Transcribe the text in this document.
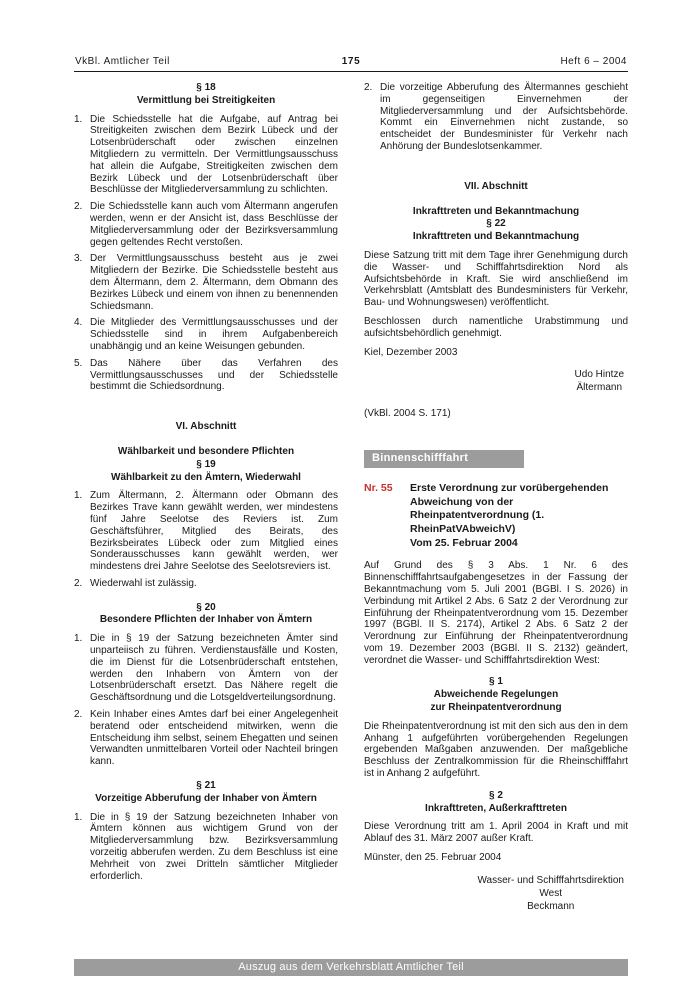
VkBl. Amtlicher Teil	175	Heft 6 – 2004
§ 18
Vermittlung bei Streitigkeiten
1. Die Schiedsstelle hat die Aufgabe, auf Antrag bei Streitigkeiten zwischen dem Bezirk Lübeck und der Lotsenbrüderschaft oder zwischen einzelnen Mitgliedern zu vermitteln. Der Vermittlungsausschuss hat allein die Aufgabe, Streitigkeiten zwischen dem Bezirk Lübeck und der Lotsenbrüderschaft über Beschlüsse der Mitgliederversammlung zu schlichten.
2. Die Schiedsstelle kann auch vom Ältermann angerufen werden, wenn er der Ansicht ist, dass Beschlüsse der Mitgliederversammlung oder der Bezirksversammlung gegen geltendes Recht verstoßen.
3. Der Vermittlungsausschuss besteht aus je zwei Mitgliedern der Bezirke. Die Schiedsstelle besteht aus dem Ältermann, dem 2. Ältermann, dem Obmann des Bezirkes Lübeck und einem von ihnen zu benennenden Schiedsmann.
4. Die Mitglieder des Vermittlungsausschusses und der Schiedsstelle sind in ihrem Aufgabenbereich unabhängig und an keine Weisungen gebunden.
5. Das Nähere über das Verfahren des Vermittlungsausschusses und der Schiedsstelle bestimmt die Schiedsordnung.
VI. Abschnitt
Wählbarkeit und besondere Pflichten
§ 19
Wählbarkeit zu den Ämtern, Wiederwahl
1. Zum Ältermann, 2. Ältermann oder Obmann des Bezirkes Trave kann gewählt werden, wer mindestens fünf Jahre Seelotse des Reviers ist. Zum Geschäftsführer, Mitglied des Beirats, des Bezirksbeirates Lübeck oder zum Mitglied eines Sonderausschusses kann gewählt werden, wer mindestens drei Jahre Seelotse des Seelotsreviers ist.
2. Wiederwahl ist zulässig.
§ 20
Besondere Pflichten der Inhaber von Ämtern
1. Die in § 19 der Satzung bezeichneten Ämter sind unparteiisch zu führen. Verdienstausfälle und Kosten, die im Dienst für die Lotsenbrüderschaft entstehen, werden den Inhabern von Ämtern von der Lotsenbrüderschaft ersetzt. Das Nähere regelt die Geschäftsordnung und die Lotsgeldverteilungsordnung.
2. Kein Inhaber eines Amtes darf bei einer Angelegenheit beratend oder entscheidend mitwirken, wenn die Entscheidung ihm selbst, seinem Ehegatten und seinen Verwandten unmittelbaren Vorteil oder Nachteil bringen kann.
§ 21
Vorzeitige Abberufung der Inhaber von Ämtern
1. Die in § 19 der Satzung bezeichneten Inhaber von Ämtern können aus wichtigem Grund von der Mitgliederversammlung bzw. Bezirksversammlung vorzeitig abberufen werden. Zu dem Beschluss ist eine Mehrheit von zwei Dritteln sämtlicher Mitglieder erforderlich.
2. Die vorzeitige Abberufung des Ältermannes geschieht im gegenseitigen Einvernehmen der Mitgliederversammlung und der Aufsichtsbehörde. Kommt ein Einvernehmen nicht zustande, so entscheidet der Bundesminister für Verkehr nach Anhörung der Bundeslotsenkammer.
VII. Abschnitt
Inkrafttreten und Bekanntmachung
§ 22
Inkrafttreten und Bekanntmachung

Diese Satzung tritt mit dem Tage ihrer Genehmigung durch die Wasser- und Schifffahrtsdirektion Nord als Aufsichtsbehörde in Kraft. Sie wird anschließend im Verkehrsblatt (Amtsblatt des Bundesministers für Verkehr, Bau- und Wohnungswesen) veröffentlicht.

Beschlossen durch namentliche Urabstimmung und aufsichtsbehördlich genehmigt.

Kiel, Dezember 2003
Udo Hintze
Ältermann
(VkBl. 2004 S. 171)
Binnenschifffahrt
Nr. 55	Erste Verordnung zur vorübergehenden Abweichung von der Rheinpatentverordnung (1. RheinPatVAbweichV)
Vom 25. Februar 2004

Auf Grund des § 3 Abs. 1 Nr. 6 des Binnenschifffahrtsaufgabengesetzes in der Fassung der Bekanntmachung vom 5. Juli 2001 (BGBl. I S. 2026) in Verbindung mit Artikel 2 Abs. 6 Satz 2 der Verordnung zur Einführung der Rheinpatentverordnung vom 15. Dezember 1997 (BGBl. II S. 2174), Artikel 2 Abs. 6 Satz 2 der Verordnung zur Einführung der Rheinpatentverordnung vom 19. Dezember 2003 (BGBl. II S. 2132) geändert, verordnet die Wasser- und Schifffahrtsdirektion West:

§ 1
Abweichende Regelungen
zur Rheinpatentverordnung

Die Rheinpatentverordnung ist mit den sich aus den in dem Anhang 1 aufgeführten vorübergehenden Regelungen ergebenden Maßgaben anzuwenden. Der maßgebliche Beschluss der Zentralkommission für die Rheinschifffahrt ist in Anhang 2 aufgeführt.

§ 2
Inkrafttreten, Außerkrafttreten

Diese Verordnung tritt am 1. April 2004 in Kraft und mit Ablauf des 31. März 2007 außer Kraft.

Münster, den 25. Februar 2004
Wasser- und Schifffahrtsdirektion
West
Beckmann
Auszug aus dem Verkehrsblatt Amtlicher Teil
